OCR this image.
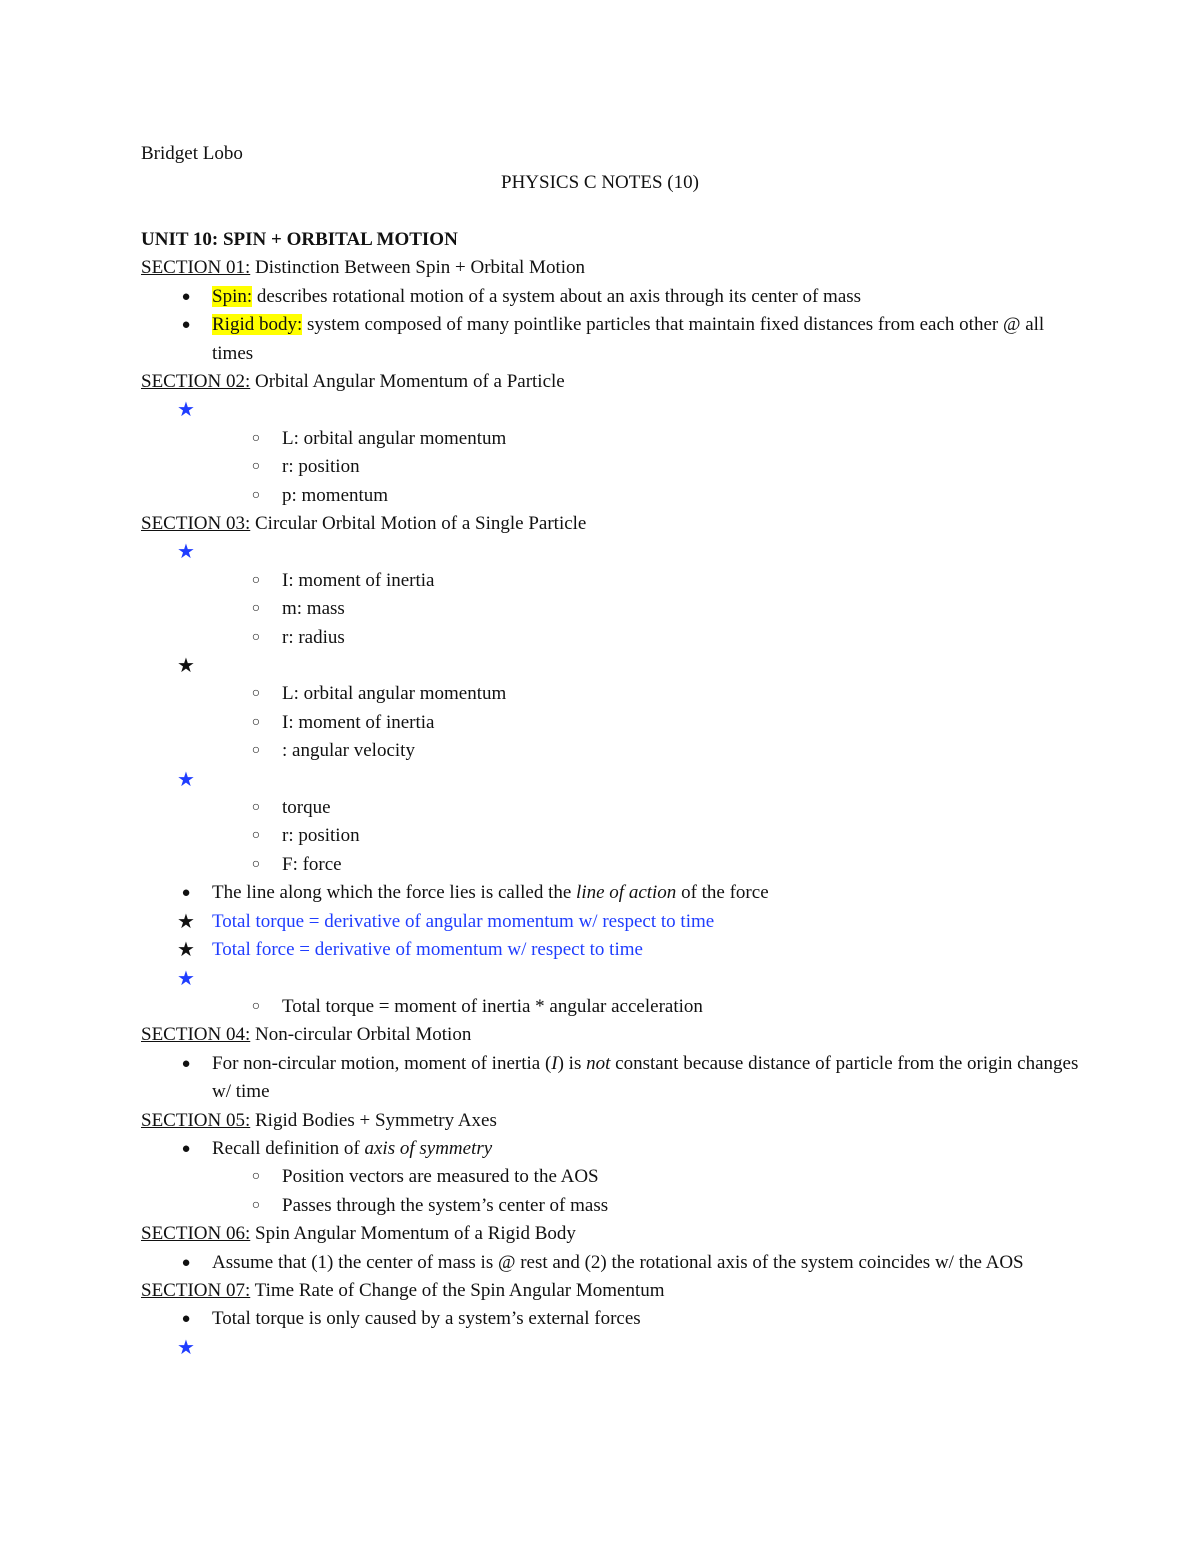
Bridget Lobo
PHYSICS C NOTES (10)
UNIT 10: SPIN + ORBITAL MOTION
SECTION 01: Distinction Between Spin + Orbital Motion
● Spin: describes rotational motion of a system about an axis through its center of mass
● Rigid body: system composed of many pointlike particles that maintain fixed distances from each other @ all times
SECTION 02: Orbital Angular Momentum of a Particle
★
○	L: orbital angular momentum
○	r: position
○	p: momentum
SECTION 03: Circular Orbital Motion of a Single Particle
★
○	I: moment of inertia
○	m: mass
○	r: radius
★
○	L: orbital angular momentum
○	I: moment of inertia
○	: angular velocity
★
○	torque
○	r: position
○	F: force
● The line along which the force lies is called the line of action of the force
★ Total torque = derivative of angular momentum w/ respect to time
★ Total force = derivative of momentum w/ respect to time
★
○	Total torque = moment of inertia * angular acceleration
SECTION 04: Non-circular Orbital Motion
● For non-circular motion, moment of inertia (I) is not constant because distance of particle from the origin changes w/ time
SECTION 05: Rigid Bodies + Symmetry Axes
● Recall definition of axis of symmetry
○	Position vectors are measured to the AOS
○	Passes through the system’s center of mass
SECTION 06: Spin Angular Momentum of a Rigid Body
● Assume that (1) the center of mass is @ rest and (2) the rotational axis of the system coincides w/ the AOS
SECTION 07: Time Rate of Change of the Spin Angular Momentum
● Total torque is only caused by a system’s external forces
★
